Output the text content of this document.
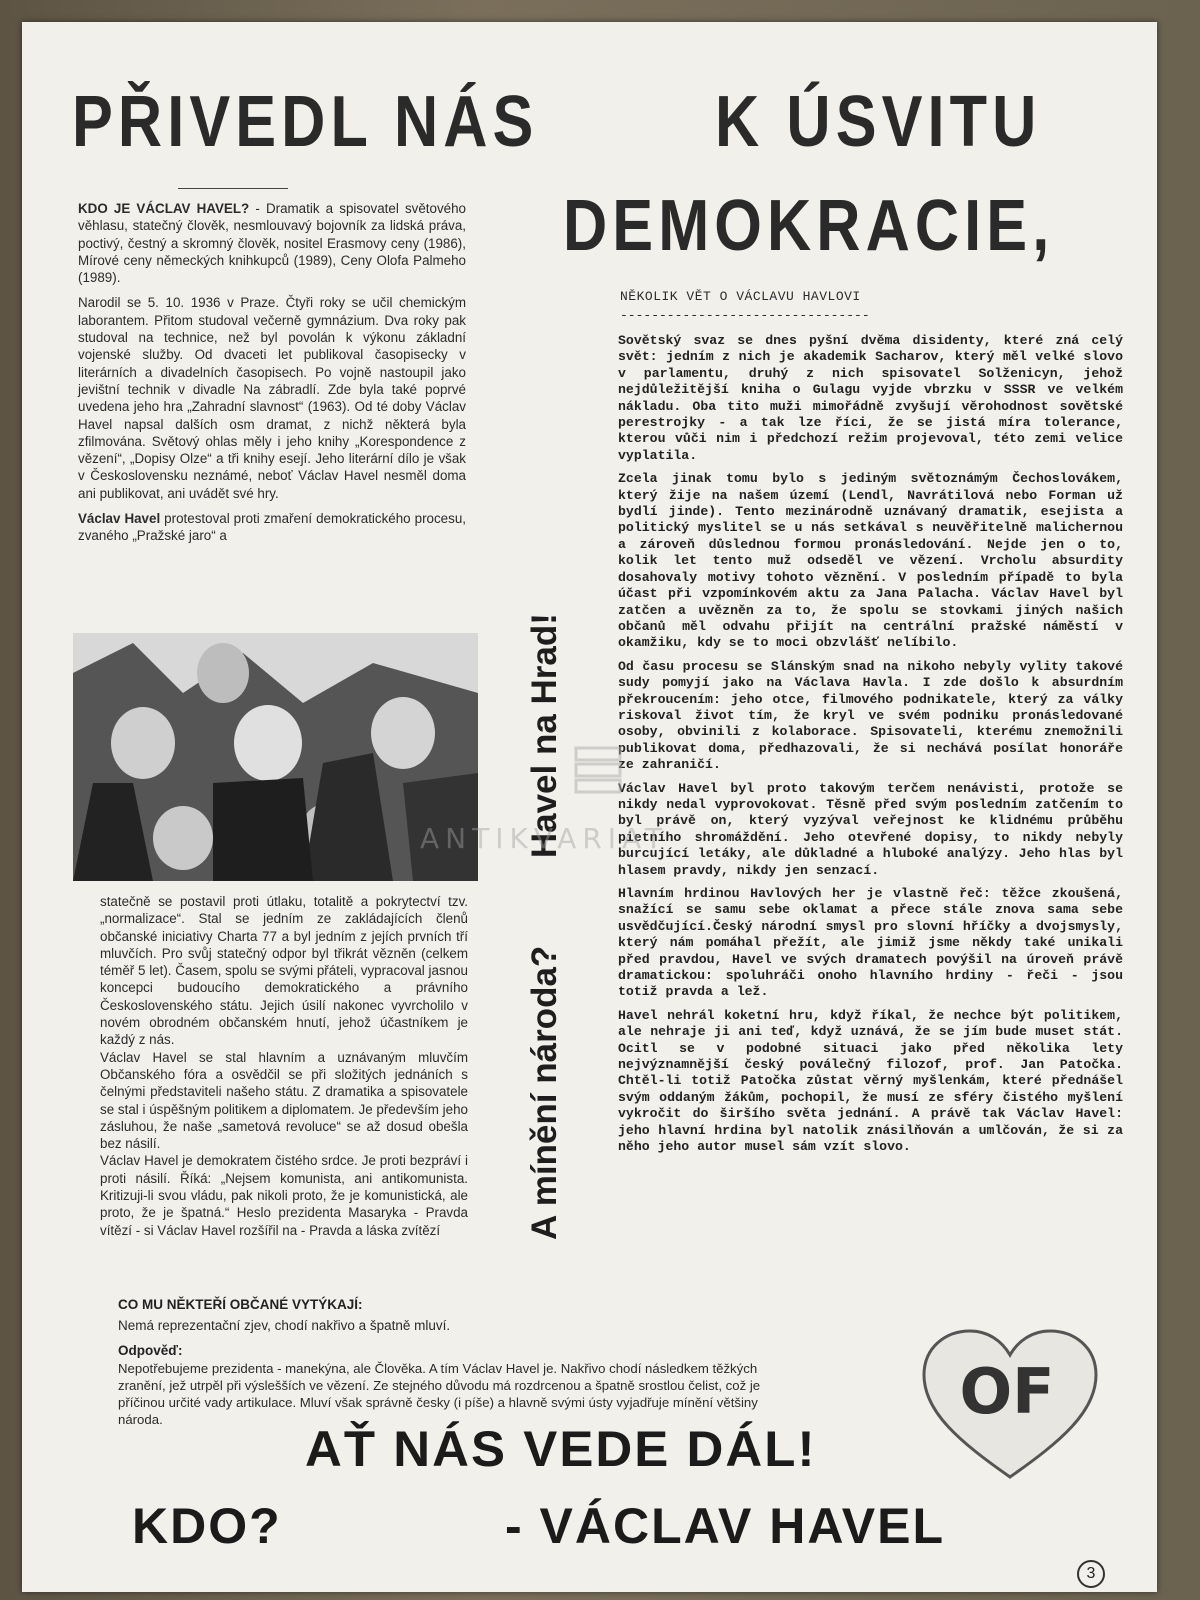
PŘIVEDL NÁS K ÚSVITU
DEMOKRACIE,

KDO JE VÁCLAV HAVEL? - Dramatik a spisovatel světového věhlasu, statečný člověk, nesmlouvavý bojovník za lidská práva, poctivý, čestný a skromný člověk, nositel Erasmovy ceny (1986), Mírové ceny německých knihkupců (1989), Ceny Olofa Palmeho (1989).

Narodil se 5. 10. 1936 v Praze. Čtyři roky se učil chemickým laborantem. Přitom studoval večerně gymnázium. Dva roky pak studoval na technice, než byl povolán k výkonu základní vojenské služby. Od dvaceti let publikoval časopisecky v literárních a divadelních časopisech. Po vojně nastoupil jako jevištní technik v divadle Na zábradlí. Zde byla také poprvé uvedena jeho hra „Zahradní slavnost“ (1963). Od té doby Václav Havel napsal dalších osm dramat, z nichž některá byla zfilmována. Světový ohlas měly i jeho knihy „Korespondence z vězení“, „Dopisy Olze“ a tři knihy esejí. Jeho literární dílo je však v Československu neznámé, neboť Václav Havel nesměl doma ani publikovat, ani uvádět své hry.

Václav Havel protestoval proti zmaření demokratického procesu, zvaného „Pražské jaro“ a

statečně se postavil proti útlaku, totalitě a pokrytectví tzv. „normalizace“. Stal se jedním ze zakládajících členů občanské iniciativy Charta 77 a byl jedním z jejích prvních tří mluvčích. Pro svůj statečný odpor byl třikrát vězněn (celkem téměř 5 let). Časem, spolu se svými přáteli, vypracoval jasnou koncepci budoucího demokratického a právního Československého státu. Jejich úsilí nakonec vyvrcholilo v novém obrodném občanském hnutí, jehož účastníkem je každý z nás.

Václav Havel se stal hlavním a uznávaným mluvčím Občanského fóra a osvědčil se při složitých jednáních s čelnými představiteli našeho státu. Z dramatika a spisovatele se stal i úspěšným politikem a diplomatem. Je především jeho zásluhou, že naše „sametová revoluce“ se až dosud obešla bez násilí.

Václav Havel je demokratem čistého srdce. Je proti bezpráví i proti násilí. Říká: „Nejsem komunista, ani antikomunista. Kritizuji-li svou vládu, pak nikoli proto, že je komunistická, ale proto, že je špatná.“ Heslo prezidenta Masaryka - Pravda vítězí - si Václav Havel rozšířil na - Pravda a láska zvítězí	A mínění národa?         Havel na Hrad!
NĚKOLIK VĚT O VÁCLAVU HAVLOVI
--------------------------------

Sovětský svaz se dnes pyšní dvěma disidenty, které zná celý svět: jedním z nich je akademik Sacharov, který měl velké slovo v parlamentu, druhý z nich spisovatel Solženicyn, jehož nejdůležitější kniha o Gulagu vyjde vbrzku v SSSR ve velkém nákladu. Oba tito muži mimořádně zvyšují věrohodnost sovětské perestrojky - a tak lze říci, že se jistá míra tolerance, kterou vůči nim i předchozí režim projevoval, této zemi velice vyplatila.

Zcela jinak tomu bylo s jediným světoznámým Čechoslovákem, který žije na našem území (Lendl, Navrátilová nebo Forman už bydlí jinde). Tento mezinárodně uznávaný dramatik, esejista a politický myslitel se u nás setkával s neuvěřitelně malichernou a zároveň důslednou formou pronásledování. Nejde jen o to, kolik let tento muž odseděl ve vězení. Vrcholu absurdity dosahovaly motivy tohoto věznění. V posledním případě to byla účast při vzpomínkovém aktu za Jana Palacha. Václav Havel byl zatčen a uvězněn za to, že spolu se stovkami jiných našich občanů měl odvahu přijít na centrální pražské náměstí v okamžiku, kdy se to moci obzvlášť nelíbilo.

Od času procesu se Slánským snad na nikoho nebyly vylity takové sudy pomyjí jako na Václava Havla. I zde došlo k absurdním překroucením: jeho otce, filmového podnikatele, který za války riskoval život tím, že kryl ve svém podniku pronásledované osoby, obvinili z kolaborace. Spisovateli, kterému znemožnili publikovat doma, předhazovali, že si nechává posílat honoráře ze zahraničí.

Václav Havel byl proto takovým terčem nenávisti, protože se nikdy nedal vyprovokovat. Těsně před svým posledním zatčením to byl právě on, který vyzýval veřejnost ke klidnému průběhu pietního shromáždění. Jeho otevřené dopisy, to nikdy nebyly burcující letáky, ale důkladné a hluboké analýzy. Jeho hlas byl hlasem pravdy, nikdy jen senzací.

Hlavním hrdinou Havlových her je vlastně řeč: těžce zkoušená, snažící se samu sebe oklamat a přece stále znova sama sebe usvědčující.Český národní smysl pro slovní hříčky a dvojsmysly, který nám pomáhal přežít, ale jimiž jsme někdy také unikali před pravdou, Havel ve svých dramatech povýšil na úroveň právě dramatickou: spoluhráči onoho hlavního hrdiny - řeči - jsou totiž pravda a lež.

Havel nehrál koketní hru, když říkal, že nechce být politikem, ale nehraje ji ani teď, když uznává, že se jím bude muset stát. Ocitl se v podobné situaci jako před několika lety nejvýznamnější český poválečný filozof, prof. Jan Patočka. Chtěl-li totiž Patočka zůstat věrný myšlenkám, které přednášel svým oddaným žákům, pochopil, že musí ze sféry čistého myšlení vykročit do širšího světa jednání. A právě tak Václav Havel: jeho hlavní hrdina byl natolik znásilňován a umlčován, že si za něho jeho autor musel sám vzít slovo.

CO MU NĚKTEŘÍ OBČANÉ VYTÝKAJÍ:
Nemá reprezentační zjev, chodí nakřivo a špatně mluví.
Odpověď:
Nepotřebujeme prezidenta - manekýna, ale Člověka. A tím Václav Havel je. Nakřivo chodí následkem těžkých zranění, jež utrpěl při výslešších ve vězení. Ze stejného důvodu má rozdrcenou a špatně srostlou čelist, což je příčinou určité vady artikulace. Mluví však správně česky (i píše) a hlavně svými ústy vyjadřuje mínění většiny národa.	OF
AŤ NÁS VEDE DÁL!
KDO?	- VÁCLAV HAVEL
3
ANTIKVARIAT
